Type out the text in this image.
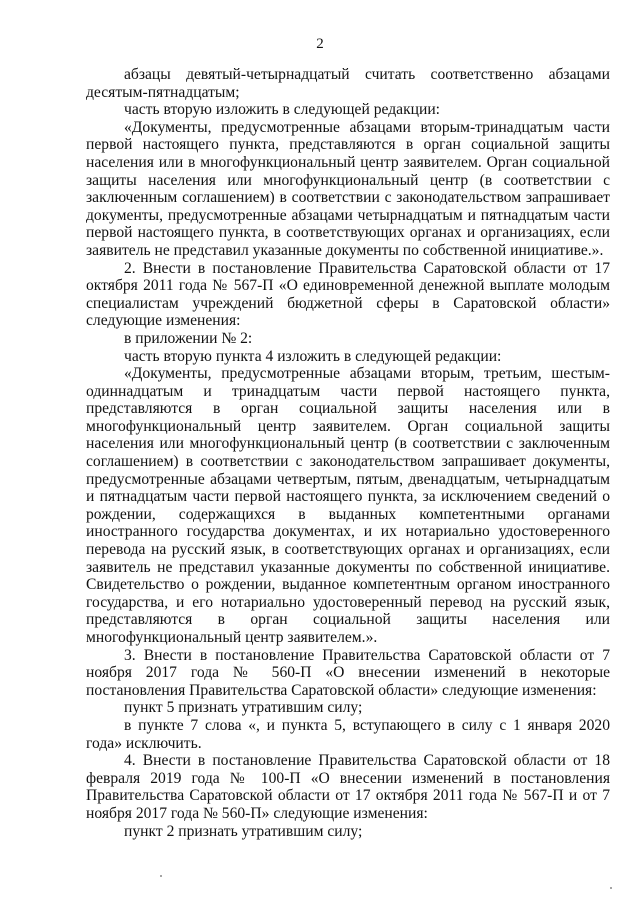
2

абзацы девятый-четырнадцатый считать соответственно абзацами десятым-пятнадцатым;

часть вторую изложить в следующей редакции:

«Документы, предусмотренные абзацами вторым-тринадцатым части первой настоящего пункта, представляются в орган социальной защиты населения или в многофункциональный центр заявителем. Орган социальной защиты населения или многофункциональный центр (в соответствии с заключенным соглашением) в соответствии с законодательством запрашивает документы, предусмотренные абзацами четырнадцатым и пятнадцатым части первой настоящего пункта, в соответствующих органах и организациях, если заявитель не представил указанные документы по собственной инициативе.».

2. Внести в постановление Правительства Саратовской области от 17 октября 2011 года № 567-П «О единовременной денежной выплате молодым специалистам учреждений бюджетной сферы в Саратовской области» следующие изменения:

в приложении № 2:

часть вторую пункта 4 изложить в следующей редакции:

«Документы, предусмотренные абзацами вторым, третьим, шестым-одиннадцатым и тринадцатым части первой настоящего пункта, представляются в орган социальной защиты населения или в многофункциональный центр заявителем. Орган социальной защиты населения или многофункциональный центр (в соответствии с заключенным соглашением) в соответствии с законодательством запрашивает документы, предусмотренные абзацами четвертым, пятым, двенадцатым, четырнадцатым и пятнадцатым части первой настоящего пункта, за исключением сведений о рождении, содержащихся в выданных компетентными органами иностранного государства документах, и их нотариально удостоверенного перевода на русский язык, в соответствующих органах и организациях, если заявитель не представил указанные документы по собственной инициативе. Свидетельство о рождении, выданное компетентным органом иностранного государства, и его нотариально удостоверенный перевод на русский язык, представляются в орган социальной защиты населения или многофункциональный центр заявителем.».

3. Внести в постановление Правительства Саратовской области от 7 ноября 2017 года № 560-П «О внесении изменений в некоторые постановления Правительства Саратовской области» следующие изменения:

пункт 5 признать утратившим силу;

в пункте 7 слова «, и пункта 5, вступающего в силу с 1 января 2020 года» исключить.

4. Внести в постановление Правительства Саратовской области от 18 февраля 2019 года № 100-П «О внесении изменений в постановления Правительства Саратовской области от 17 октября 2011 года № 567-П и от 7 ноября 2017 года № 560-П» следующие изменения:

пункт 2 признать утратившим силу;
